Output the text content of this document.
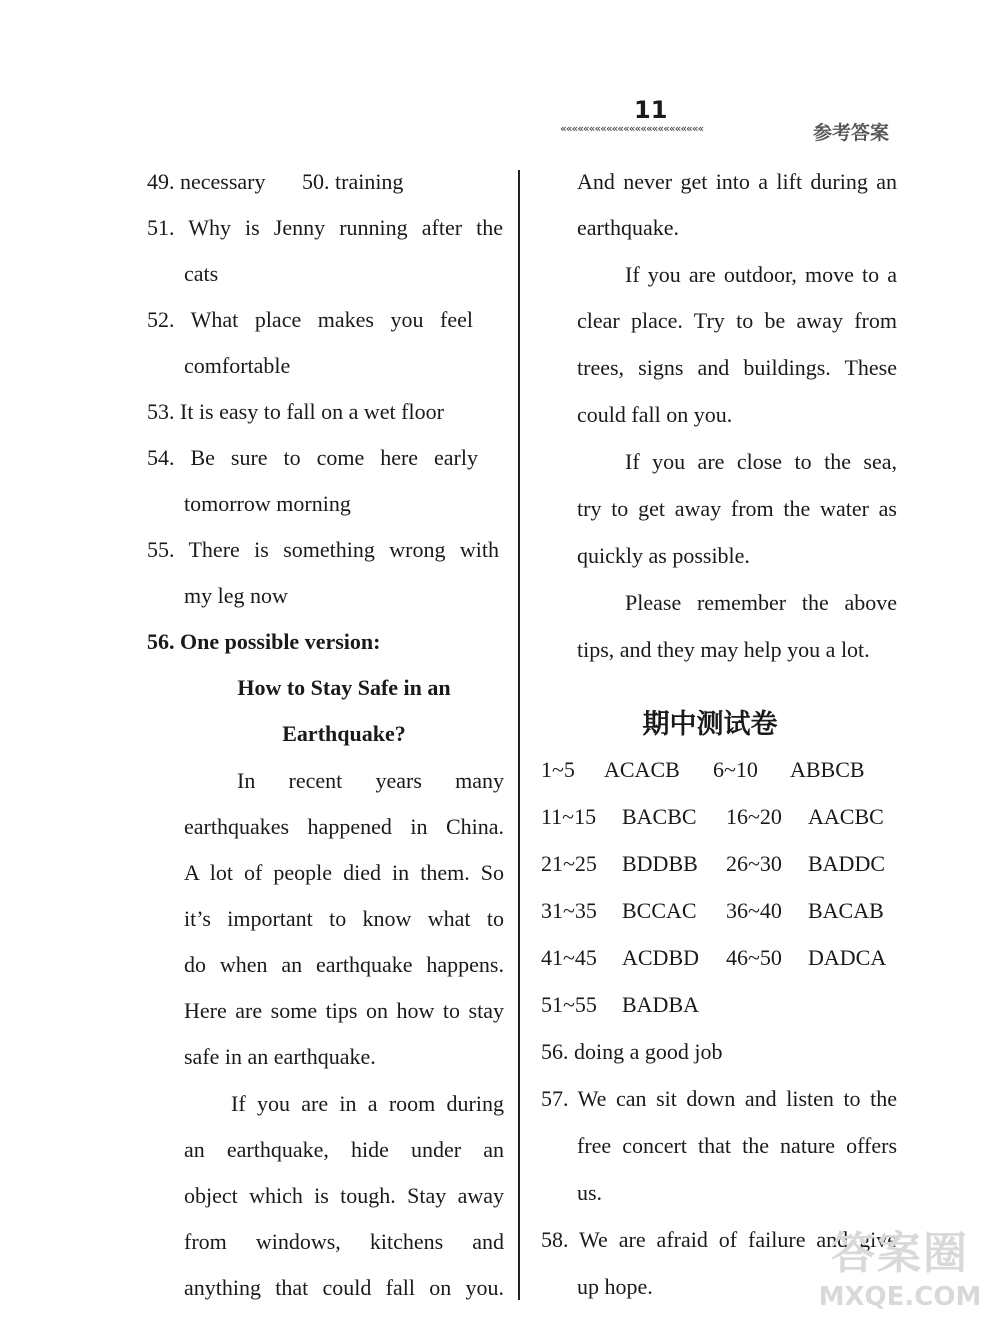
11
«««««««««««««««««««««««««	参考答案
49. necessary 50. training
51. Why is Jenny running after the
cats
52. What place makes you feel
comfortable
53. It is easy to fall on a wet floor
54. Be sure to come here early
tomorrow morning
55. There is something wrong with
my leg now
56. One possible version:
How to Stay Safe in an
Earthquake?
In recent years many
earthquakes happened in China.
A lot of people died in them. So
it’s important to know what to
do when an earthquake happens.
Here are some tips on how to stay
safe in an earthquake.
If you are in a room during
an earthquake, hide under an
object which is tough. Stay away
from windows, kitchens and
anything that could fall on you.
And never get into a lift during an
earthquake.
If you are outdoor, move to a
clear place. Try to be away from
trees, signs and buildings. These
could fall on you.
If you are close to the sea,
try to get away from the water as
quickly as possible.
Please remember the above
tips, and they may help you a lot.
期中测试卷
1~5 ACACB 6~10 ABBCB
11~15 BACBC 16~20 AACBC
21~25 BDDBB 26~30 BADDC
31~35 BCCAC 36~40 BACAB
41~45 ACDBD 46~50 DADCA
51~55 BADBA
56. doing a good job
57. We can sit down and listen to the
free concert that the nature offers
us.
58. We are afraid of failure and give
up hope.
答案圈
MXQE.COM
